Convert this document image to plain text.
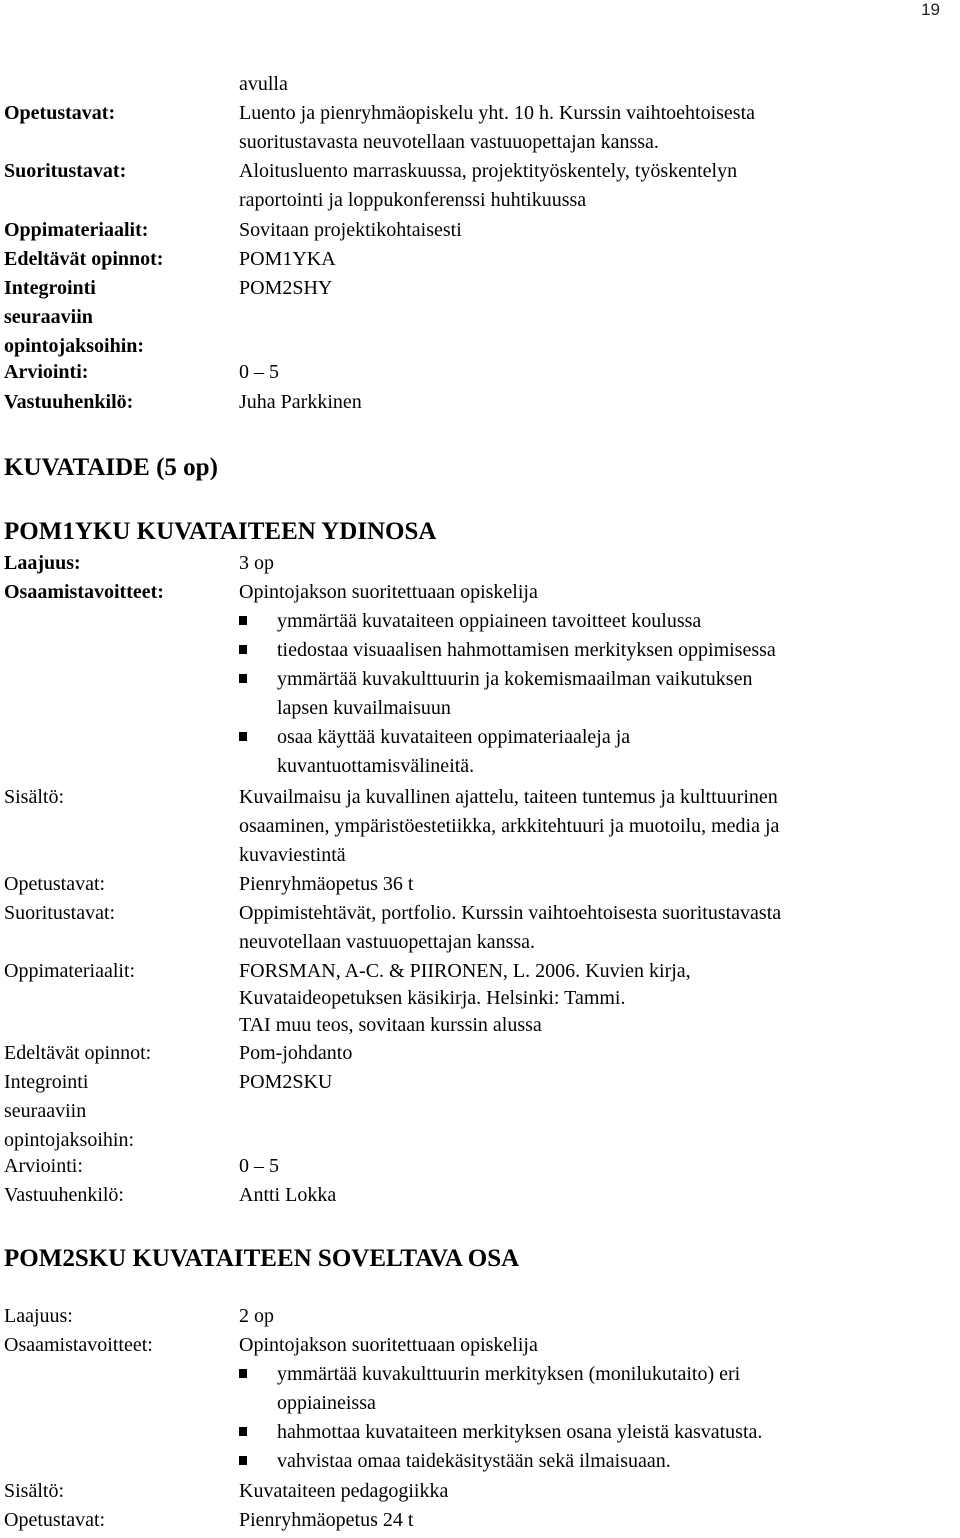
19
avulla
Opetustavat:	Luento ja pienryhmäopiskelu yht. 10 h. Kurssin vaihtoehtoisesta
suoritustavasta neuvotellaan vastuuopettajan kanssa.
Suoritustavat:	Aloitusluento marraskuussa, projektityöskentely, työskentelyn
raportointi ja loppukonferenssi huhtikuussa
Oppimateriaalit:	Sovitaan projektikohtaisesti
Edeltävät opinnot:	POM1YKA
Integrointi	POM2SHY
seuraaviin
opintojaksoihin:
Arviointi:	0 – 5
Vastuuhenkilö:	Juha Parkkinen
KUVATAIDE (5 op)
POM1YKU KUVATAITEEN YDINOSA
Laajuus:	3 op
Osaamistavoitteet:	Opintojakson suoritettuaan opiskelija
ymmärtää kuvataiteen oppiaineen tavoitteet koulussa
tiedostaa visuaalisen hahmottamisen merkityksen oppimisessa
ymmärtää kuvakulttuurin ja kokemismaailman vaikutuksen
lapsen kuvailmaisuun
osaa käyttää kuvataiteen oppimateriaaleja ja
kuvantuottamisvälineitä.
Sisältö:	Kuvailmaisu ja kuvallinen ajattelu, taiteen tuntemus ja kulttuurinen
osaaminen, ympäristöestetiikka, arkkitehtuuri ja muotoilu, media ja
kuvaviestintä
Opetustavat:	Pienryhmäopetus 36 t
Suoritustavat:	Oppimistehtävät, portfolio. Kurssin vaihtoehtoisesta suoritustavasta
neuvotellaan vastuuopettajan kanssa.
Oppimateriaalit:	FORSMAN, A-C. & PIIRONEN, L. 2006. Kuvien kirja,
Kuvataideopetuksen käsikirja. Helsinki: Tammi.
TAI muu teos, sovitaan kurssin alussa
Edeltävät opinnot:	Pom-johdanto
Integrointi	POM2SKU
seuraaviin
opintojaksoihin:
Arviointi:	0 – 5
Vastuuhenkilö:	Antti Lokka
POM2SKU KUVATAITEEN SOVELTAVA OSA
Laajuus:	2 op
Osaamistavoitteet:	Opintojakson suoritettuaan opiskelija
ymmärtää kuvakulttuurin merkityksen (monilukutaito) eri
oppiaineissa
hahmottaa kuvataiteen merkityksen osana yleistä kasvatusta.
vahvistaa omaa taidekäsitystään sekä ilmaisuaan.
Sisältö:	Kuvataiteen pedagogiikka
Opetustavat:	Pienryhmäopetus 24 t
